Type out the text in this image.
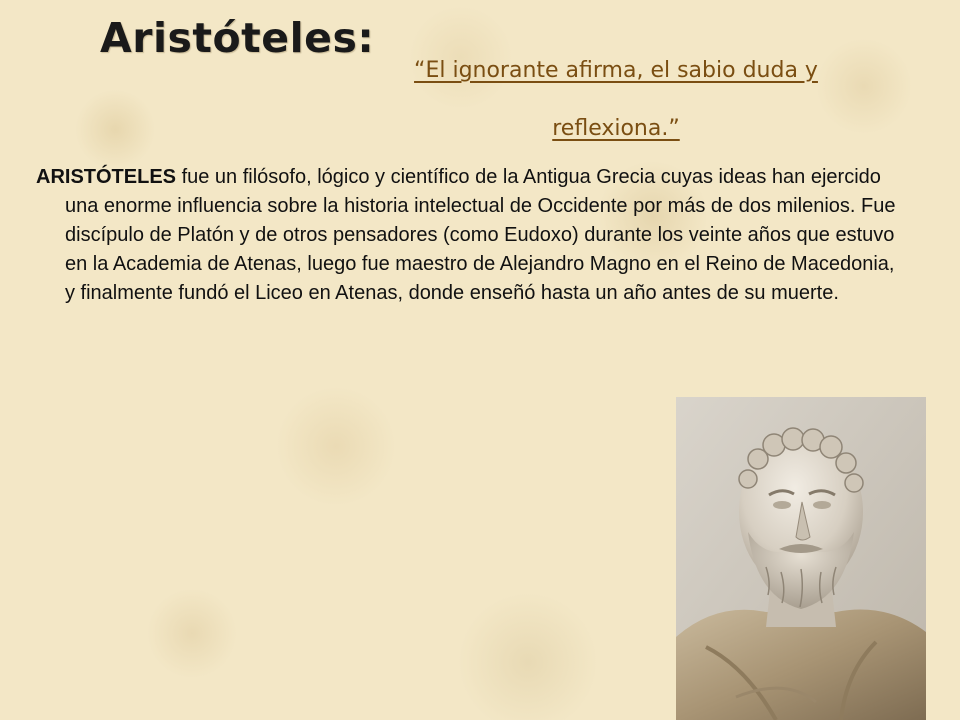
Aristóteles:

“El ignorante afirma, el sabio duda y
reflexiona.”

ARISTÓTELES fue un filósofo, lógico y científico de la Antigua Grecia cuyas ideas han ejercido una enorme influencia sobre la historia intelectual de Occidente por más de dos milenios. Fue discípulo de Platón y de otros pensadores (como Eudoxo) durante los veinte años que estuvo en la Academia de Atenas, luego fue maestro de Alejandro Magno en el Reino de Macedonia, y finalmente fundó el Liceo en Atenas, donde enseñó hasta un año antes de su muerte.
